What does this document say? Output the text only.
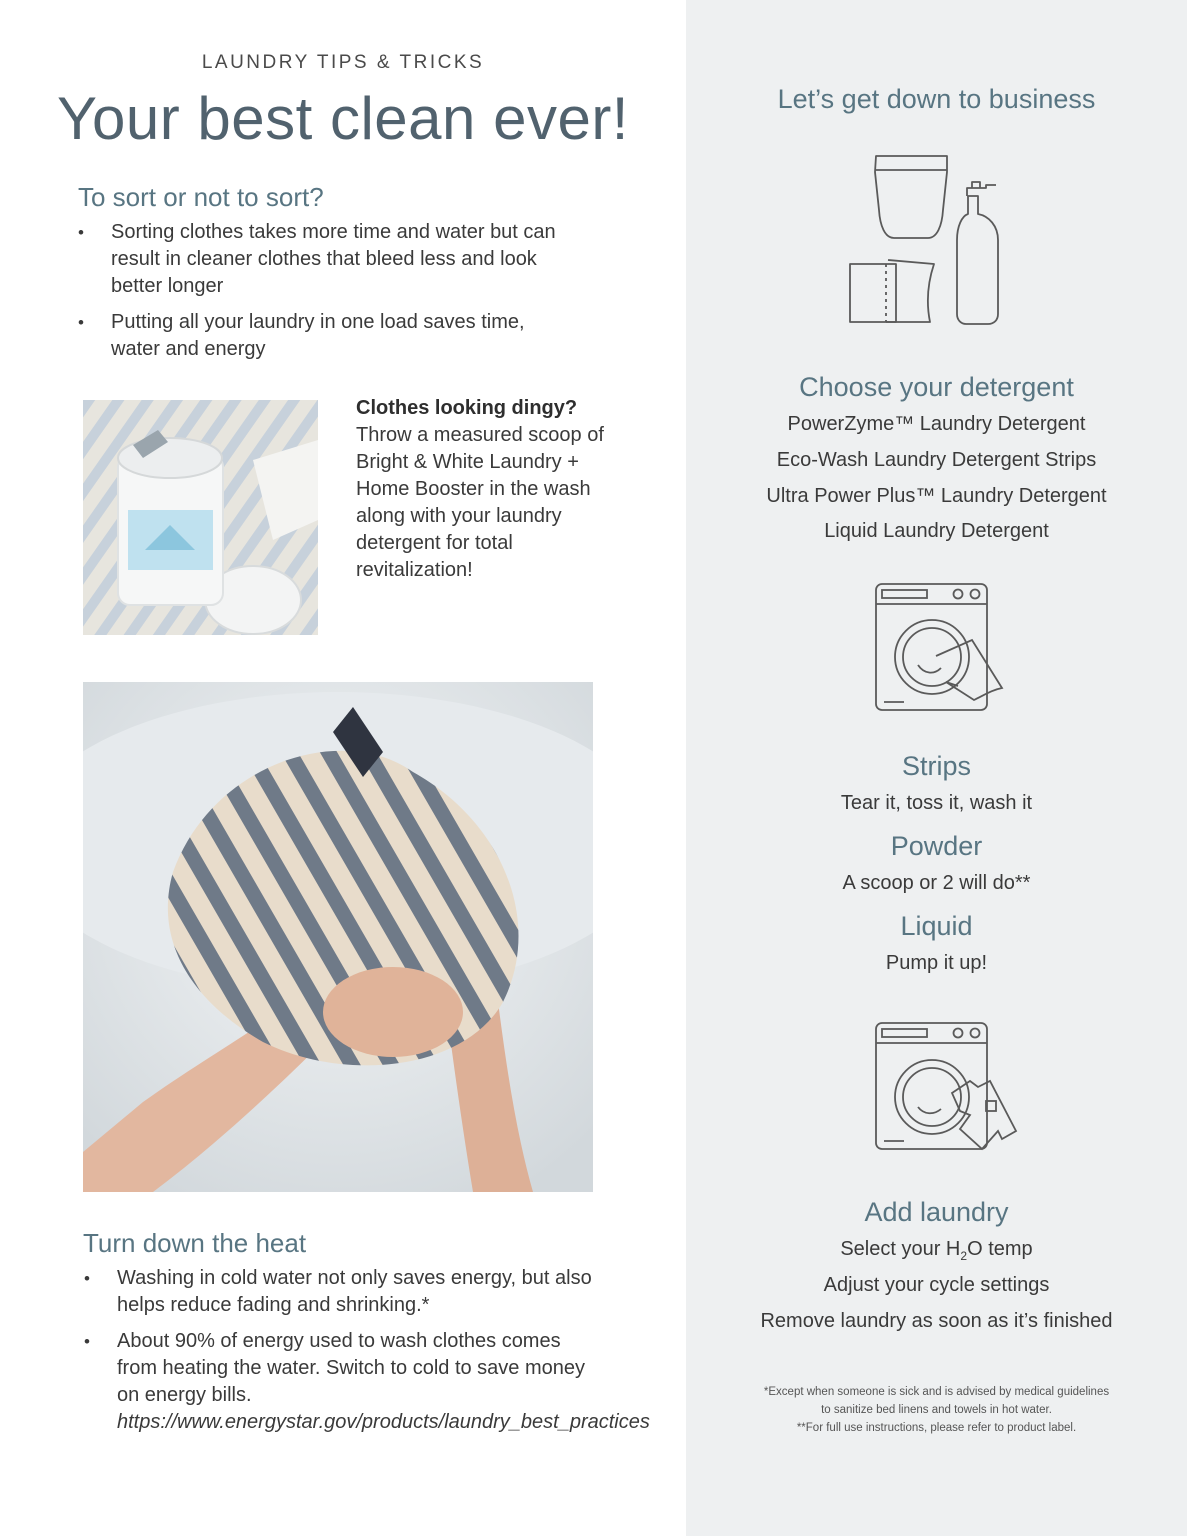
LAUNDRY TIPS & TRICKS
Your best clean ever!
To sort or not to sort?
• Sorting clothes takes more time and water but can result in cleaner clothes that bleed less and look better longer
• Putting all your laundry in one load saves time, water and energy
Clothes looking dingy?
Throw a measured scoop of Bright & White Laundry + Home Booster in the wash along with your laundry detergent for total revitalization!
Turn down the heat
• Washing in cold water not only saves energy, but also helps reduce fading and shrinking.*
• About 90% of energy used to wash clothes comes from heating the water. Switch to cold to save money on energy bills. https://www.energystar.gov/products/laundry_best_practices
Let’s get down to business
Choose your detergent
PowerZyme™ Laundry Detergent
Eco-Wash Laundry Detergent Strips
Ultra Power Plus™ Laundry Detergent
Liquid Laundry Detergent
Strips
Tear it, toss it, wash it
Powder
A scoop or 2 will do**
Liquid
Pump it up!
Add laundry
Select your $H_2O$ temp
Adjust your cycle settings
Remove laundry as soon as it’s finished
*Except when someone is sick and is advised by medical guidelines
to sanitize bed linens and towels in hot water.
**For full use instructions, please refer to product label.
